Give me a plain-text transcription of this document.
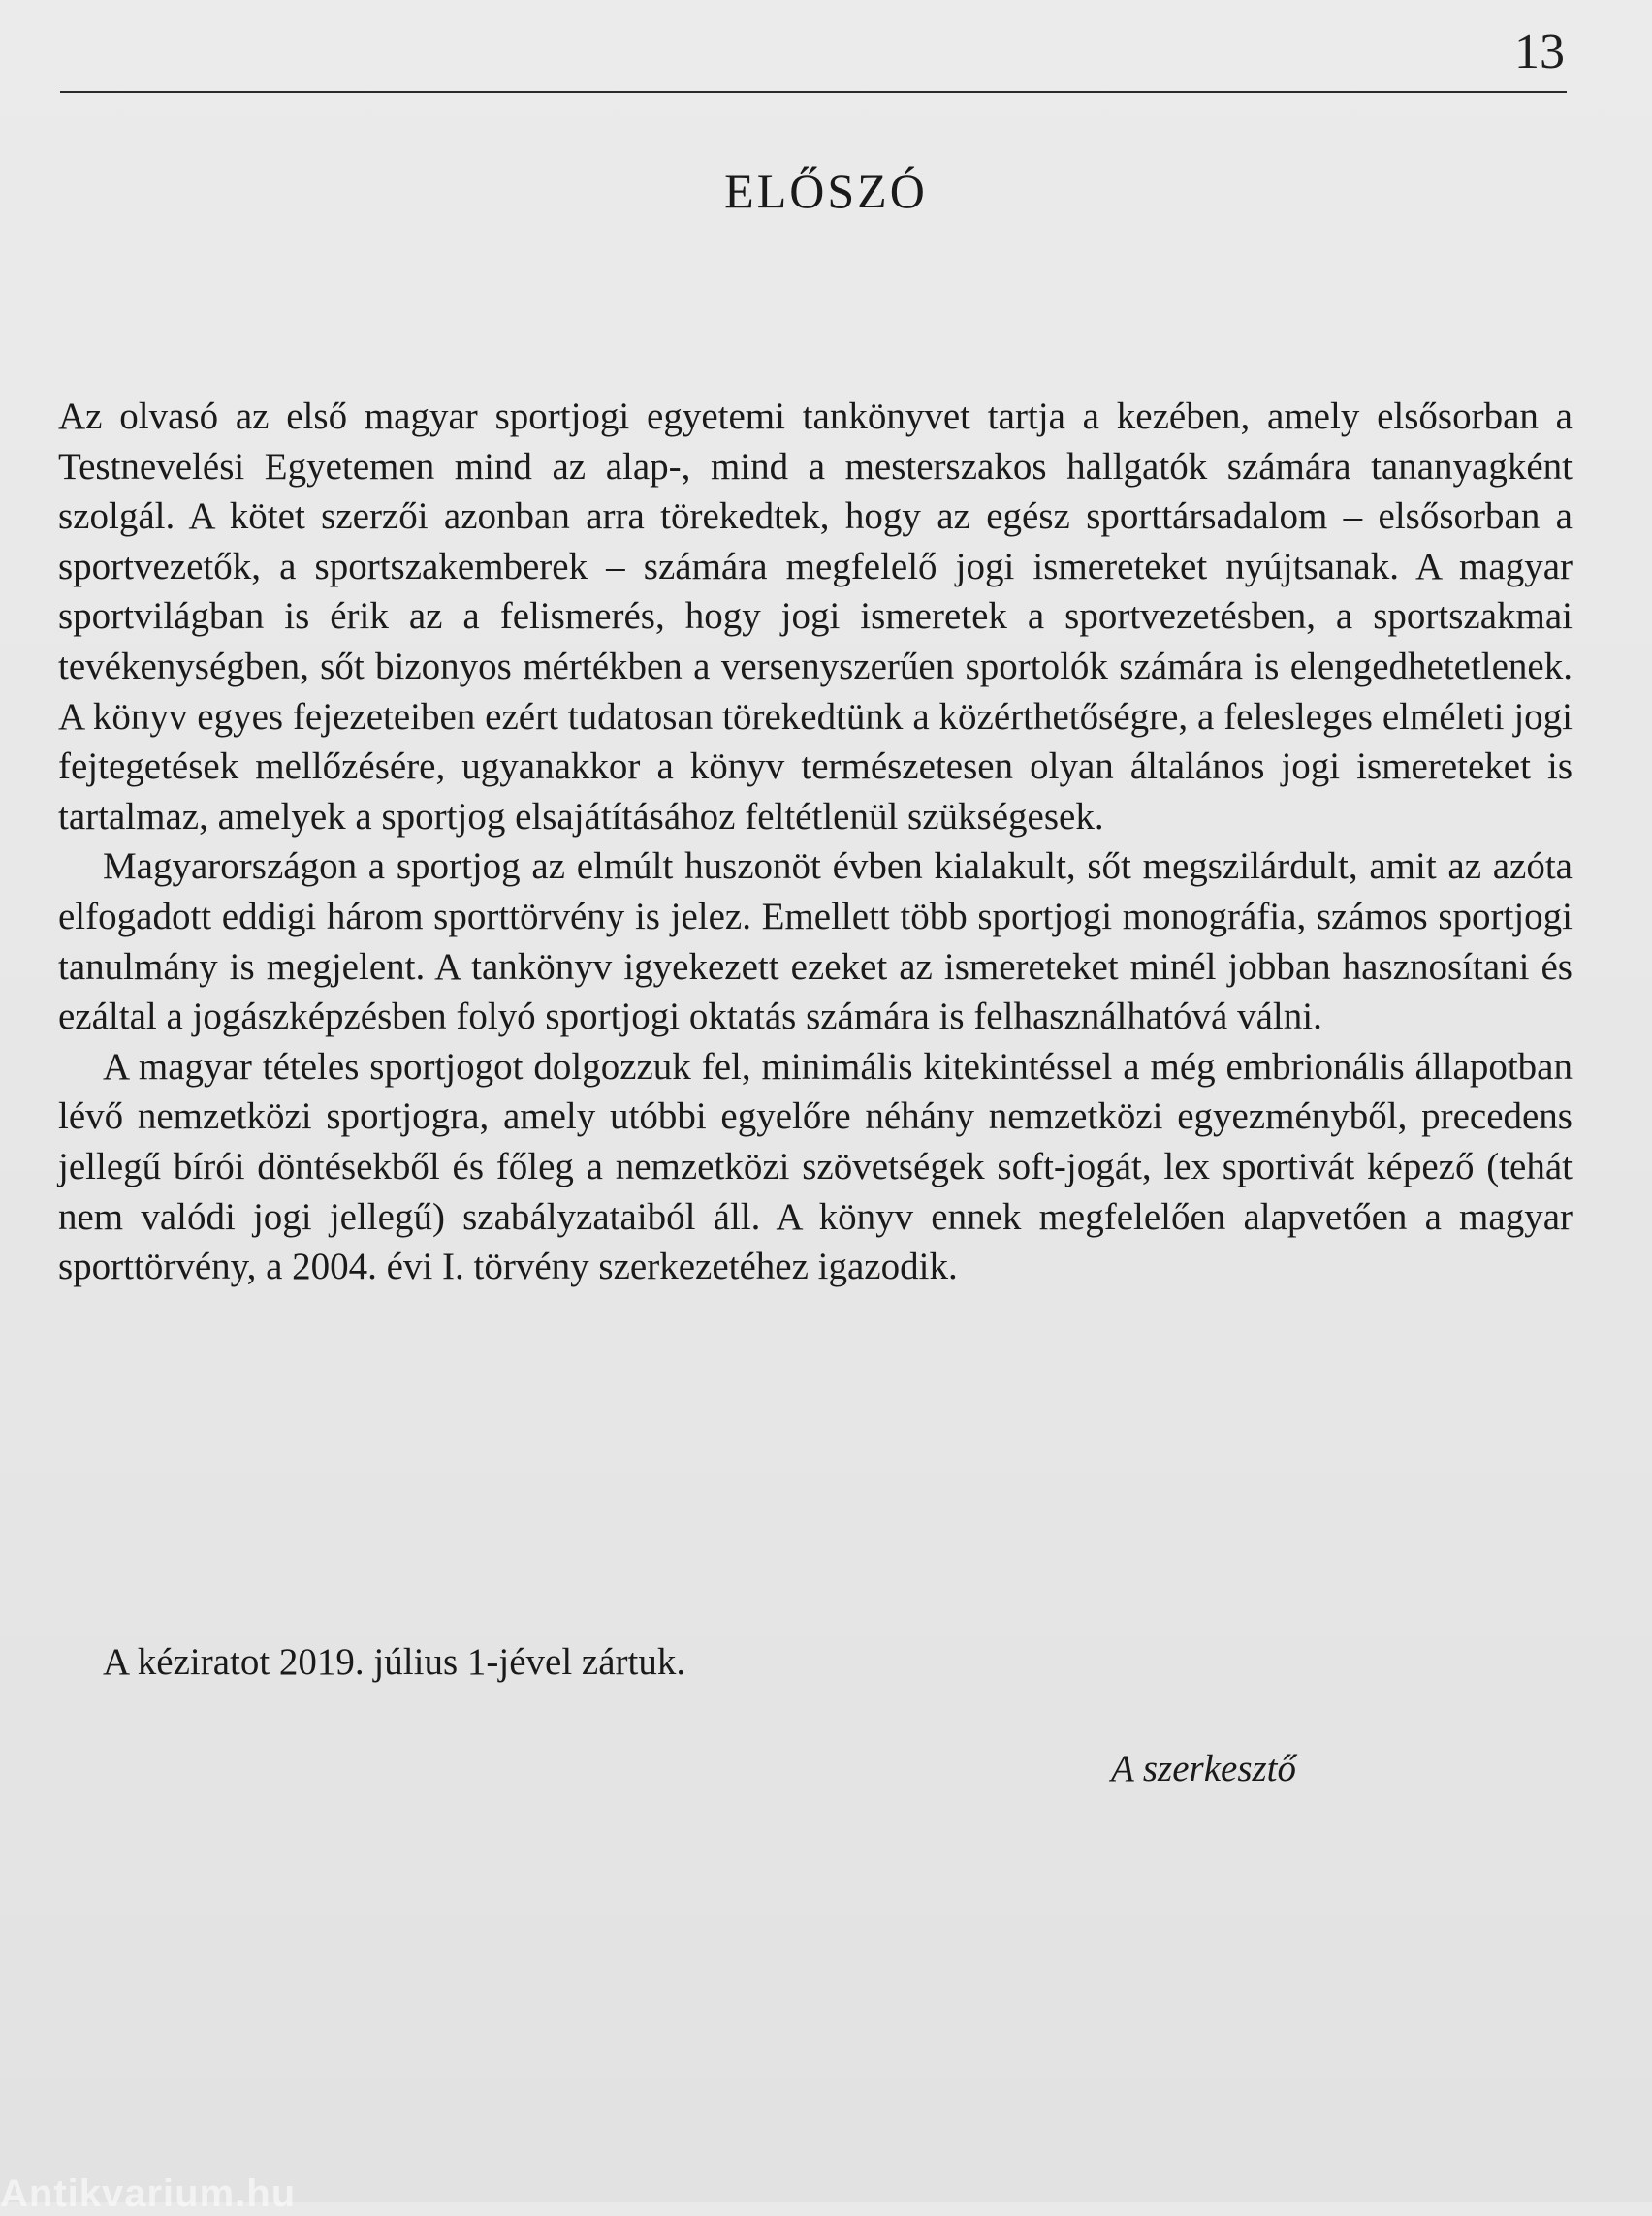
13
ELŐSZÓ

Az olvasó az első magyar sportjogi egyetemi tankönyvet tartja a kezében, amely elsősorban a Testnevelési Egyetemen mind az alap-, mind a mesterszakos hallgatók számára tananyagként szolgál. A kötet szerzői azonban arra törekedtek, hogy az egész sporttársadalom – elsősorban a sportvezetők, a sportszakemberek – számára megfelelő jogi ismereteket nyújtsanak. A magyar sportvilágban is érik az a felismerés, hogy jogi ismeretek a sportvezetésben, a sportszakmai tevékenységben, sőt bizonyos mértékben a versenyszerűen sportolók számára is elengedhetetlenek. A könyv egyes fejezeteiben ezért tudatosan törekedtünk a közérthetőségre, a felesleges elméleti jogi fejtegetések mellőzésére, ugyanakkor a könyv természetesen olyan általános jogi ismereteket is tartalmaz, amelyek a sportjog elsajátításához feltétlenül szükségesek.

Magyarországon a sportjog az elmúlt huszonöt évben kialakult, sőt megszilárdult, amit az azóta elfogadott eddigi három sporttörvény is jelez. Emellett több sportjogi monográfia, számos sportjogi tanulmány is megjelent. A tankönyv igyekezett ezeket az ismereteket minél jobban hasznosítani és ezáltal a jogászképzésben folyó sportjogi oktatás számára is felhasználhatóvá válni.

A magyar tételes sportjogot dolgozzuk fel, minimális kitekintéssel a még embrionális állapotban lévő nemzetközi sportjogra, amely utóbbi egyelőre néhány nemzetközi egyezményből, precedens jellegű bírói döntésekből és főleg a nemzetközi szövetségek soft-jogát, lex sportivát képező (tehát nem valódi jogi jellegű) szabályzataiból áll. A könyv ennek megfelelően alapvetően a magyar sporttörvény, a 2004. évi I. törvény szerkezetéhez igazodik.

A kéziratot 2019. július 1-jével zártuk.
A szerkesztő
Antikvarium.hu
